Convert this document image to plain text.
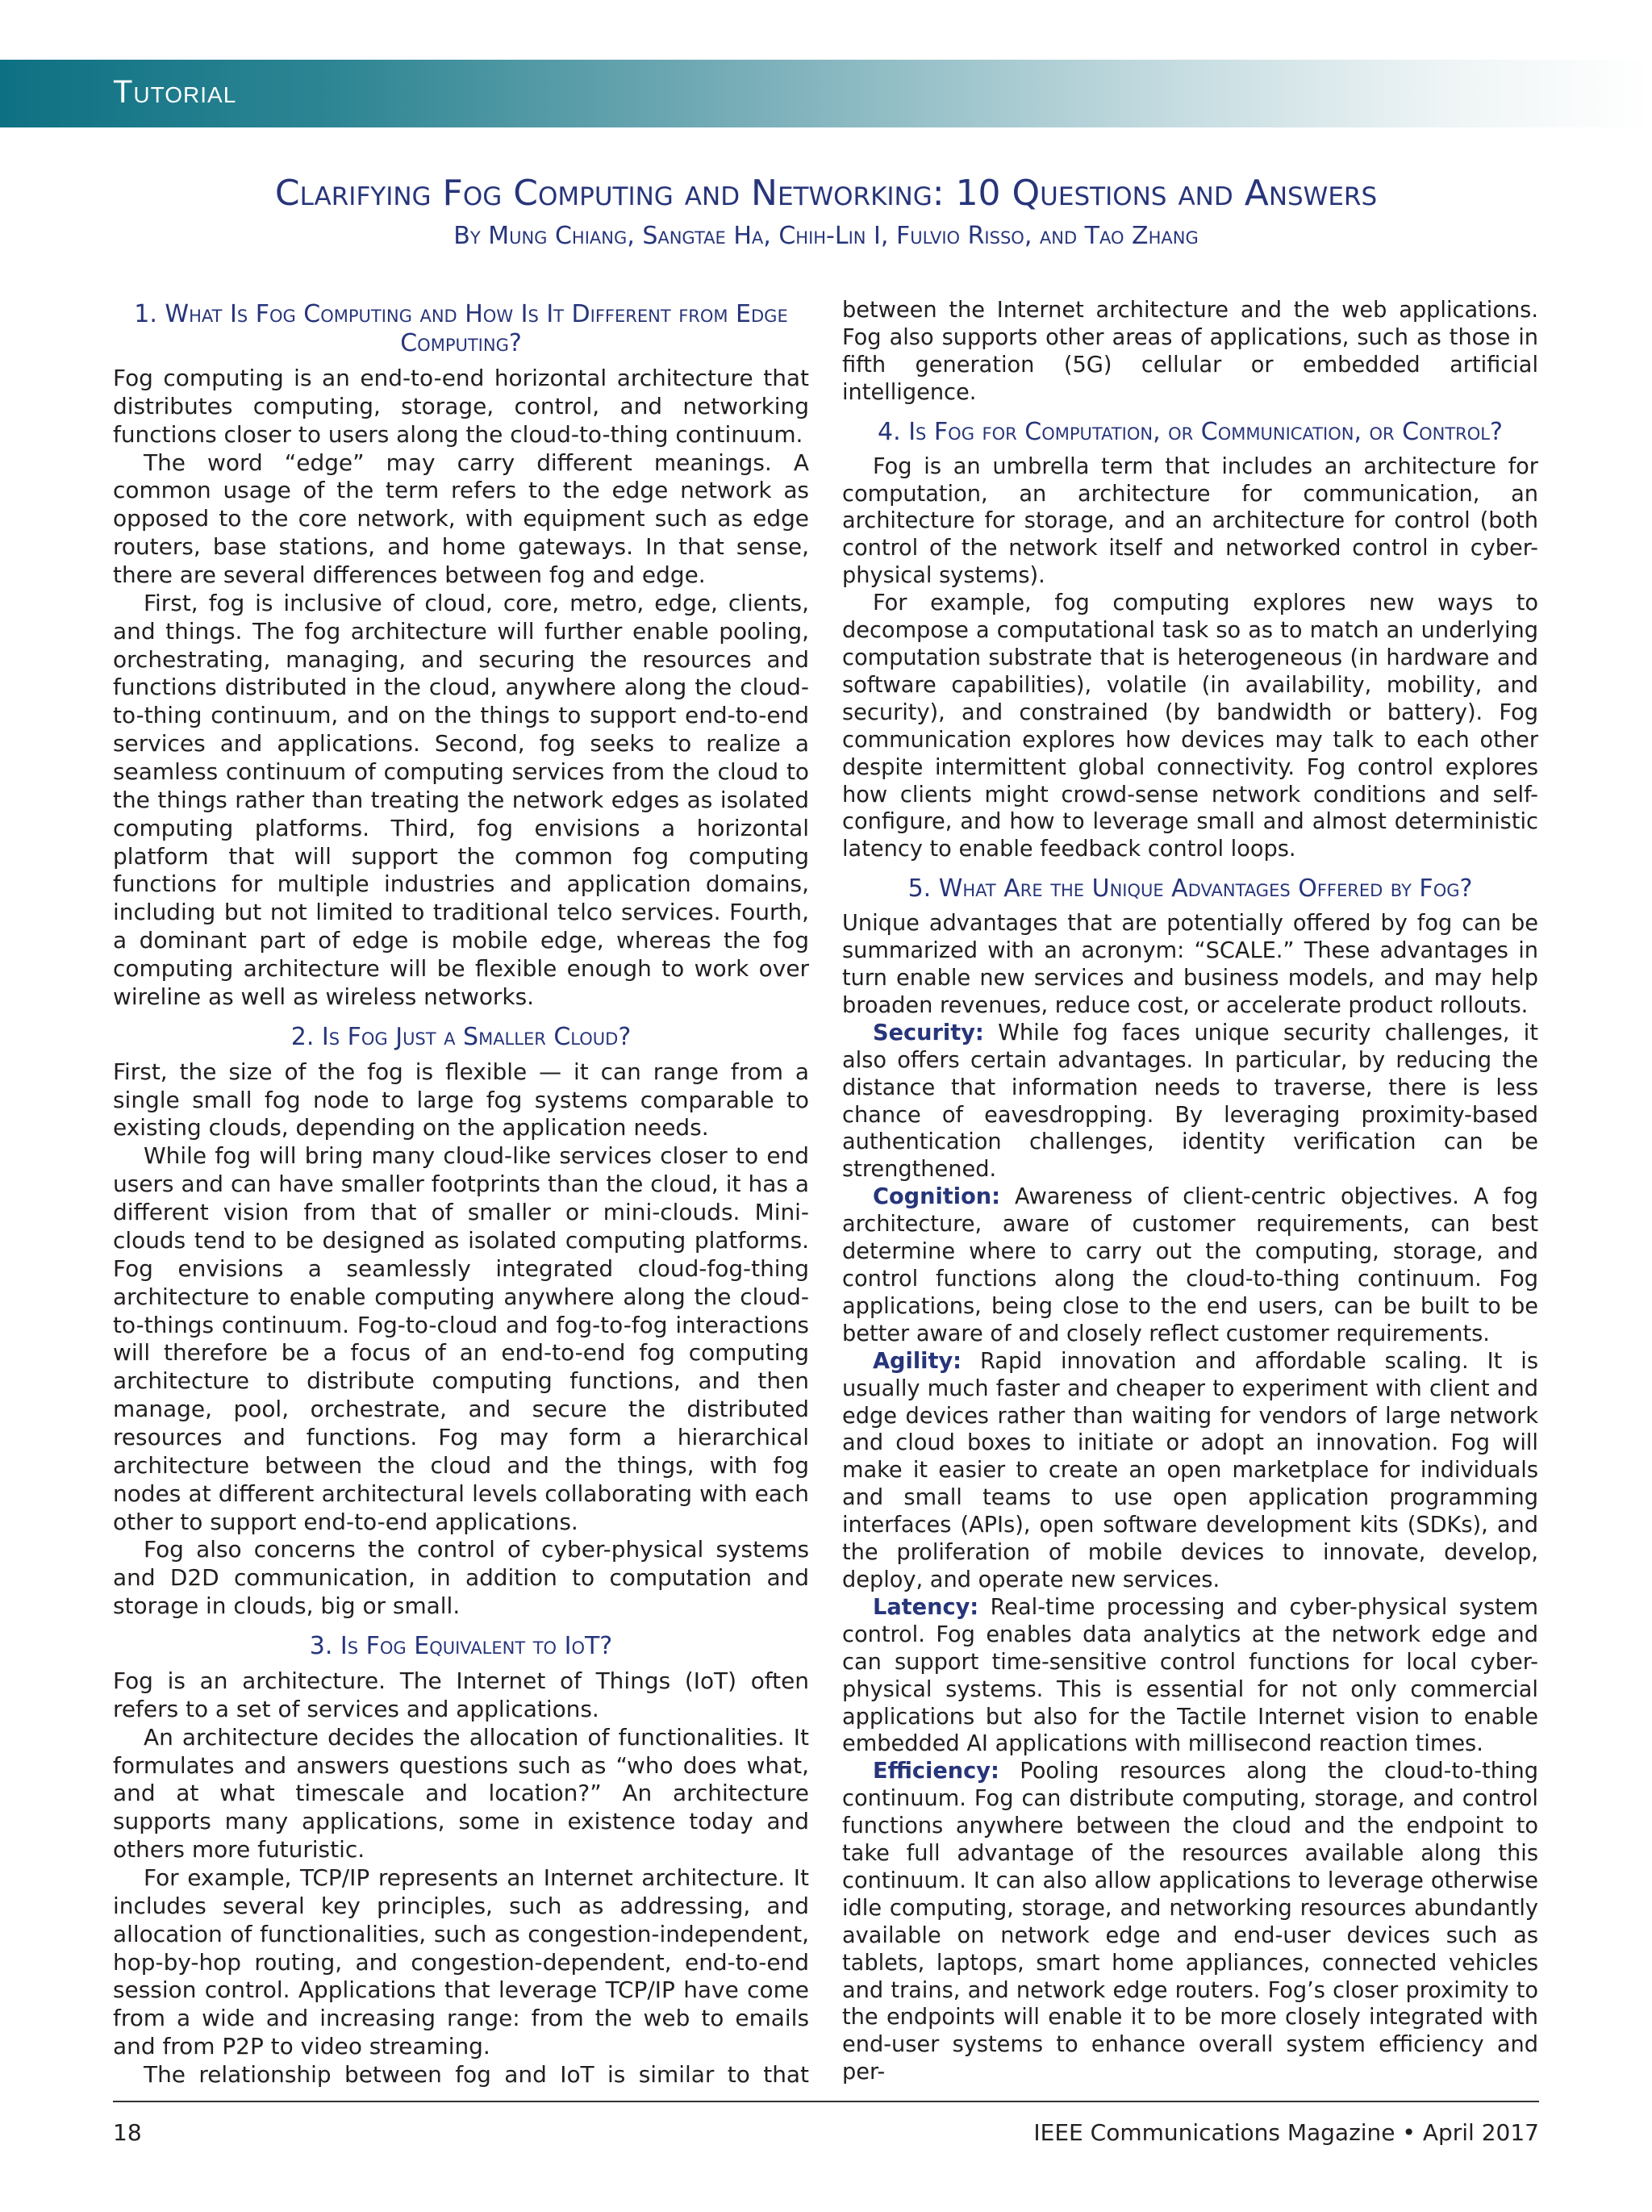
Tutorial
Clarifying Fog Computing and Networking: 10 Questions and Answers
By Mung Chiang, Sangtae Ha, Chih-Lin I, Fulvio Risso, and Tao Zhang
1. What Is Fog Computing and How Is It Different from Edge Computing?

Fog computing is an end-to-end horizontal architecture that distributes computing, storage, control, and networking functions closer to users along the cloud-to-thing continuum.

The word “edge” may carry different meanings. A common usage of the term refers to the edge network as opposed to the core network, with equipment such as edge routers, base stations, and home gateways. In that sense, there are several differences between fog and edge.

First, fog is inclusive of cloud, core, metro, edge, clients, and things. The fog architecture will further enable pooling, orchestrating, managing, and securing the resources and functions distributed in the cloud, anywhere along the cloud-to-thing continuum, and on the things to support end-to-end services and applications. Second, fog seeks to realize a seamless continuum of computing services from the cloud to the things rather than treating the network edges as isolated computing platforms. Third, fog envisions a horizontal platform that will support the common fog computing functions for multiple industries and application domains, including but not limited to traditional telco services. Fourth, a dominant part of edge is mobile edge, whereas the fog computing architecture will be flexible enough to work over wireline as well as wireless networks.

2. Is Fog Just a Smaller Cloud?

First, the size of the fog is flexible — it can range from a single small fog node to large fog systems comparable to existing clouds, depending on the application needs.

While fog will bring many cloud-like services closer to end users and can have smaller footprints than the cloud, it has a different vision from that of smaller or mini-clouds. Mini-clouds tend to be designed as isolated computing platforms. Fog envisions a seamlessly integrated cloud-fog-thing architecture to enable computing anywhere along the cloud-to-things continuum. Fog-to-cloud and fog-to-fog interactions will therefore be a focus of an end-to-end fog computing architecture to distribute computing functions, and then manage, pool, orchestrate, and secure the distributed resources and functions. Fog may form a hierarchical architecture between the cloud and the things, with fog nodes at different architectural levels collaborating with each other to support end-to-end applications.

Fog also concerns the control of cyber-physical systems and D2D communication, in addition to computation and storage in clouds, big or small.

3. Is Fog Equivalent to IoT?

Fog is an architecture. The Internet of Things (IoT) often refers to a set of services and applications.

An architecture decides the allocation of functionalities. It formulates and answers questions such as “who does what, and at what timescale and location?” An architecture supports many applications, some in existence today and others more futuristic.

For example, TCP/IP represents an Internet architecture. It includes several key principles, such as addressing, and allocation of functionalities, such as congestion-independent, hop-by-hop routing, and congestion-dependent, end-to-end session control. Applications that leverage TCP/IP have come from a wide and increasing range: from the web to emails and from P2P to video streaming.

The relationship between fog and IoT is similar to that

between the Internet architecture and the web applications. Fog also supports other areas of applications, such as those in fifth generation (5G) cellular or embedded artificial intelligence.

4. Is Fog for Computation, or Communication, or Control?

Fog is an umbrella term that includes an architecture for computation, an architecture for communication, an architecture for storage, and an architecture for control (both control of the network itself and networked control in cyber-physical systems).

For example, fog computing explores new ways to decompose a computational task so as to match an underlying computation substrate that is heterogeneous (in hardware and software capabilities), volatile (in availability, mobility, and security), and constrained (by bandwidth or battery). Fog communication explores how devices may talk to each other despite intermittent global connectivity. Fog control explores how clients might crowd-sense network conditions and self-configure, and how to leverage small and almost deterministic latency to enable feedback control loops.

5. What Are the Unique Advantages Offered by Fog?

Unique advantages that are potentially offered by fog can be summarized with an acronym: “SCALE.” These advantages in turn enable new services and business models, and may help broaden revenues, reduce cost, or accelerate product rollouts.

Security: While fog faces unique security challenges, it also offers certain advantages. In particular, by reducing the distance that information needs to traverse, there is less chance of eavesdropping. By leveraging proximity-based authentication challenges, identity verification can be strengthened.

Cognition: Awareness of client-centric objectives. A fog architecture, aware of customer requirements, can best determine where to carry out the computing, storage, and control functions along the cloud-to-thing continuum. Fog applications, being close to the end users, can be built to be better aware of and closely reflect customer requirements.

Agility: Rapid innovation and affordable scaling. It is usually much faster and cheaper to experiment with client and edge devices rather than waiting for vendors of large network and cloud boxes to initiate or adopt an innovation. Fog will make it easier to create an open marketplace for individuals and small teams to use open application programming interfaces (APIs), open software development kits (SDKs), and the proliferation of mobile devices to innovate, develop, deploy, and operate new services.

Latency: Real-time processing and cyber-physical system control. Fog enables data analytics at the network edge and can support time-sensitive control functions for local cyber-physical systems. This is essential for not only commercial applications but also for the Tactile Internet vision to enable embedded AI applications with millisecond reaction times.

Efficiency: Pooling resources along the cloud-to-thing continuum. Fog can distribute computing, storage, and control functions anywhere between the cloud and the endpoint to take full advantage of the resources available along this continuum. It can also allow applications to leverage otherwise idle computing, storage, and networking resources abundantly available on network edge and end-user devices such as tablets, laptops, smart home appliances, connected vehicles and trains, and network edge routers. Fog’s closer proximity to the endpoints will enable it to be more closely integrated with end-user systems to enhance overall system efficiency and per-

18	IEEE Communications Magazine • April 2017
